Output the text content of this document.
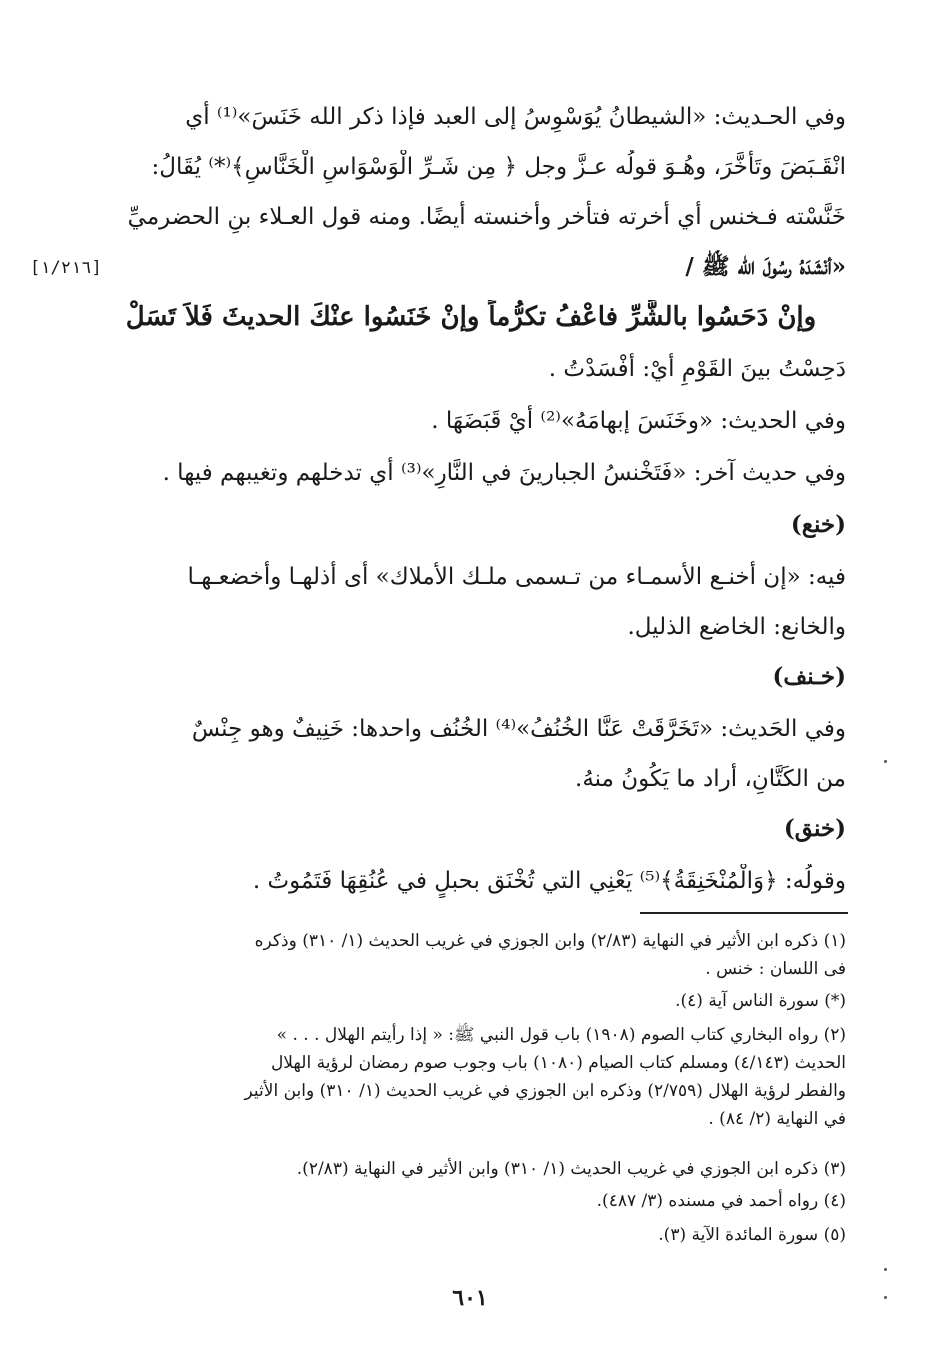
وفي الحـديث: «الشيطانُ يُوَسْوِسُ إلى العبد فإذا ذكر الله خَنَسَ»⁽¹⁾ أي
انْقَـبَضَ وتَأخَّرَ، وهُـوَ قولُه عـزَّ وجل ﴿ مِن شَـرِّ الْوَسْوَاسِ الْخَنَّاسِ﴾⁽*⁾ يُقَالُ:
خَنَّسْته فـخنس أي أخرته فتأخر وأخنسته أيضًا. ومنه قول العـلاء بنِ الحضرميِّ
«أنْشَدَهُ رسُولَ الله ﷺ /
[١/٢١٦]
وإنْ دَحَسُوا بالشَّرِّ فاعْفُ تكرُّماً وإنْ خَنَسُوا عنْكَ الحديثَ فَلاَ تَسَلْ
دَحِسْتُ بينَ القَوْمِ أيْ: أفْسَدْتُ .
وفي الحديث: «وخَنَسَ إبهامَهُ»⁽²⁾ أيْ قَبَضَهَا .
وفي حديث آخر: «فَتَخْنسُ الجبارينَ في النَّارِ»⁽³⁾ أي تدخلهم وتغيبهم فيها .
(خنع)
فيه: «إن أخنـع الأسمـاء من تـسمى ملـك الأملاك» أى أذلهـا وأخضعـهـا
والخانع: الخاضع الذليل.
(خـنف)
وفي الحَديث: «تَخَرَّقَتْ عَنَّا الخُنُفُ»⁽⁴⁾ الخُنُف واحدها: خَنِيفٌ وهو جِنْسٌ
من الكَتَّانِ، أراد ما يَكُونُ منهُ.
(خنق)
وقولُه: ﴿وَالْمُنْخَنِقَةُ﴾⁽⁵⁾ يَعْنِي التي تُخْنَق بحبلٍ في عُنُقِهَا فَتَمُوتُ .
(١) ذكره ابن الأثير في النهاية (٢/٨٣) وابن الجوزي في غريب الحديث (١/ ٣١٠) وذكره
فى اللسان : خنس .
(*) سورة الناس آية (٤).
(٢) رواه البخاري كتاب الصوم (١٩٠٨) باب قول النبي ﷺ: « إذا رأيتم الهلال . . . »
الحديث (٤/١٤٣) ومسلم كتاب الصيام (١٠٨٠) باب وجوب صوم رمضان لرؤية الهلال
والفطر لرؤية الهلال (٢/٧٥٩) وذكره ابن الجوزي في غريب الحديث (١/ ٣١٠) وابن الأثير
في النهاية (٢/ ٨٤) .
(٣) ذكره ابن الجوزي في غريب الحديث (١/ ٣١٠) وابن الأثير في النهاية (٢/٨٣).
(٤) رواه أحمد في مسنده (٣/ ٤٨٧).
(٥) سورة المائدة الآية (٣).
٦٠١
